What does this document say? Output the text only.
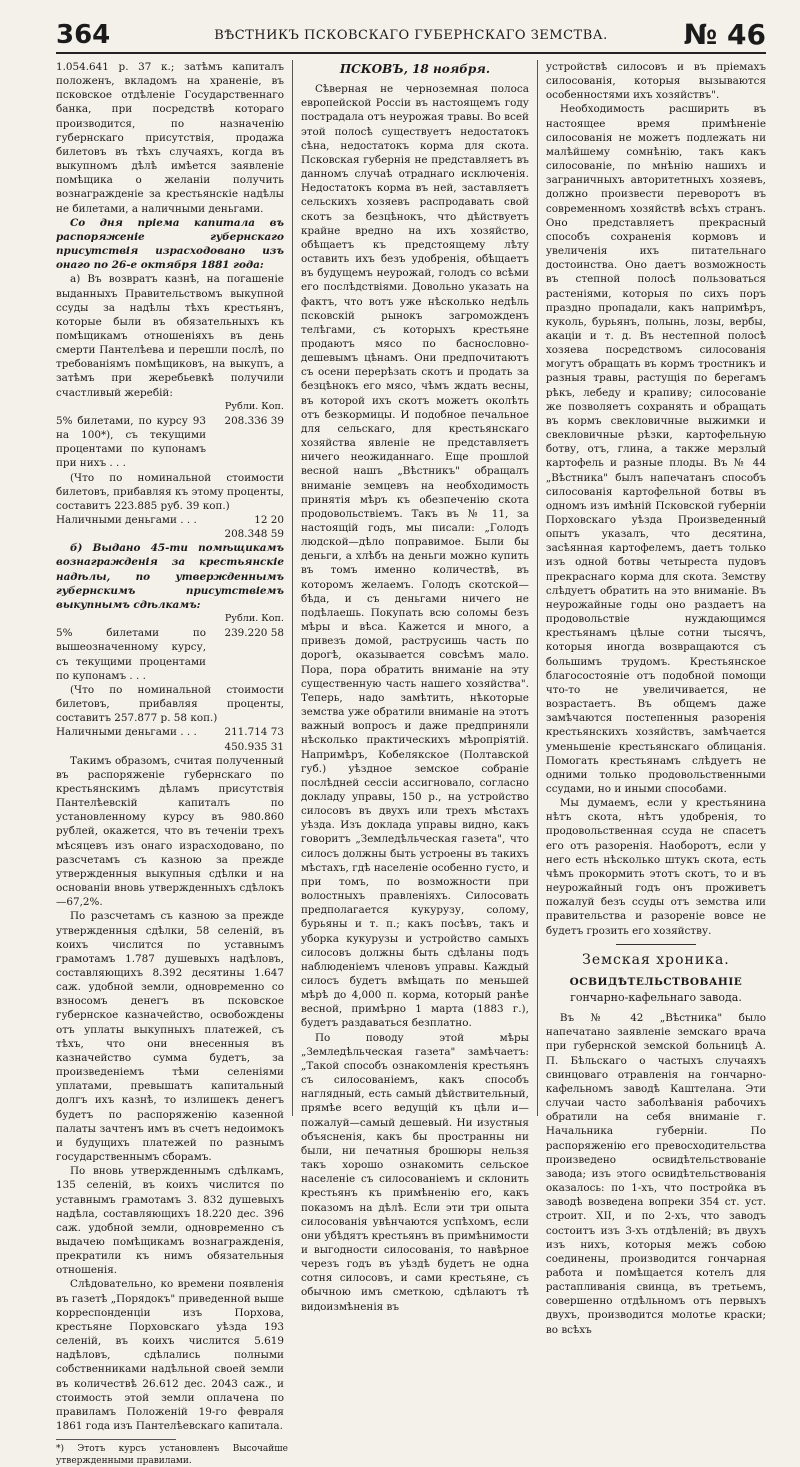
364	ВѢСТНИКЪ ПСКОВСКАГО ГУБЕРНСКАГО ЗЕМСТВА.	№ 46

1.054.641 р. 37 к.; затѣмъ капиталъ положенъ, вкладомъ на храненіе, въ псковское отдѣленіе Государственнаго банка, при посредствѣ котораго производится, по назначенію губернскаго присутствія, продажа билетовъ въ тѣхъ случаяхъ, когда въ выкупномъ дѣлѣ имѣется заявленіе помѣщика о желаніи получить вознагражденіе за крестьянскіе надѣлы не билетами, а наличными деньгами.

Со дня пріема капитала въ распоряженіе губернскаго присутствія израсходовано изъ онаго по 26-е октября 1881 года:

а) Въ возвратъ казнѣ, на погашеніе выданныхъ Правительствомъ выкупной ссуды за надѣлы тѣхъ крестьянъ, которые были въ обязательныхъ къ помѣщикамъ отношеніяхъ въ день смерти Пантелѣева и перешли послѣ, по требованіямъ помѣщиковъ, на выкупъ, а затѣмъ при жеребьевкѣ получили счастливый жеребій:

Рубли. Коп.
5% билетами, по курсу 93 на 100*), съ текущими процентами по купонамъ при нихъ . . .
208.336 39

(Что по номинальной стоимости билетовъ, прибавляя къ этому проценты, составитъ 223.885 руб. 39 коп.)

Наличными деньгами . . .	12 20
208.348 59

б) Выдано 45-ти помѣщикамъ вознагражденія за крестьянскіе надѣлы, по утвержденнымъ губернскимъ присутствіемъ выкупнымъ сдѣлкамъ:

Рубли. Коп.
5% билетами по вышеозначенному курсу, съ текущими процентами по купонамъ . . .
239.220 58

(Что по номинальной стоимости билетовъ, прибавляя проценты, составитъ 257.877 р. 58 коп.)

Наличными деньгами . . .	211.714 73
450.935 31

Такимъ образомъ, считая полученный въ распоряженіе губернскаго по крестьянскимъ дѣламъ присутствія Пантелѣевскій капиталъ по установленному курсу въ 980.860 рублей, окажется, что въ теченіи трехъ мѣсяцевъ изъ онаго израсходовано, по разсчетамъ съ казною за прежде утвержденныя выкупныя сдѣлки и на основаніи вновь утвержденныхъ сдѣлокъ—67,2%.

По разсчетамъ съ казною за прежде утвержденныя сдѣлки, 58 селеній, въ коихъ числится по уставнымъ грамотамъ 1.787 душевыхъ надѣловъ, составляющихъ 8.392 десятины 1.647 саж. удобной земли, одновременно со взносомъ денегъ въ псковское губернское казначейство, освобождены отъ уплаты выкупныхъ платежей, съ тѣхъ, что они внесенныя въ казначейство сумма будетъ, за произведеніемъ тѣми селеніями уплатами, превышатъ капитальный долгъ ихъ казнѣ, то излишекъ денегъ будетъ по распоряженію казенной палаты зачтенъ имъ въ счетъ недоимокъ и будущихъ платежей по разнымъ государственнымъ сборамъ.

По вновь утвержденнымъ сдѣлкамъ, 135 селеній, въ коихъ числится по уставнымъ грамотамъ 3. 832 душевыхъ надѣла, составляющихъ 18.220 дес. 396 саж. удобной земли, одновременно съ выдачею помѣщикамъ вознагражденія, прекратили къ нимъ обязательныя отношенія.

Слѣдовательно, ко времени появленія въ газетѣ „Порядокъ" приведенной выше корреспонденціи изъ Порхова, крестьяне Порховскаго уѣзда 193 селеній, въ коихъ числится 5.619 надѣловъ, сдѣлались полными собственниками надѣльной своей земли въ количествѣ 26.612 дес. 2043 саж., и стоимость этой земли оплачена по правиламъ Положеній 19-го февраля 1861 года изъ Пантелѣевскаго капитала.

*) Этотъ курсъ установленъ Высочайше утвержденными правилами.

ПСКОВЪ, 18 ноября.

Сѣверная не черноземная полоса европейской Россіи въ настоящемъ году пострадала отъ неурожая травы. Во всей этой полосѣ существуетъ недостатокъ сѣна, недостатокъ корма для скота. Псковская губернія не представляетъ въ данномъ случаѣ отраднаго исключенія. Недостатокъ корма въ ней, заставляетъ сельскихъ хозяевъ распродавать свой скотъ за безцѣнокъ, что дѣйствуетъ крайне вредно на ихъ хозяйство, обѣщаетъ къ предстоящему лѣту оставить ихъ безъ удобренія, обѣщаетъ въ будущемъ неурожай, голодъ со всѣми его послѣдствіями. Довольно указать на фактъ, что вотъ уже нѣсколько недѣль псковскій рынокъ загроможденъ телѣгами, съ которыхъ крестьяне продаютъ мясо по баснословно-дешевымъ цѣнамъ. Они предпочитаютъ съ осени перерѣзать скотъ и продать за безцѣнокъ его мясо, чѣмъ ждать весны, въ которой ихъ скотъ можетъ околѣть отъ безкормицы. И подобное печальное для сельскаго, для крестьянскаго хозяйства явленіе не представляетъ ничего неожиданнаго. Еще прошлой весной нашъ „Вѣстникъ" обращалъ вниманіе земцевъ на необходимость принятія мѣръ къ обезпеченію скота продовольствіемъ. Такъ въ № 11, за настоящій годъ, мы писали: „Голодъ людской—дѣло поправимое. Были бы деньги, а хлѣбъ на деньги можно купить въ томъ именно количествѣ, въ которомъ желаемъ. Голодъ скотской—бѣда, и съ деньгами ничего не подѣлаешь. Покупать всю соломы безъ мѣры и вѣса. Кажется и много, а привезъ домой, раструсишь часть по дорогѣ, оказывается совсѣмъ мало. Пора, пора обратить вниманіе на эту существенную часть нашего хозяйства". Теперь, надо замѣтить, нѣкоторые земства уже обратили вниманіе на этотъ важный вопросъ и даже предприняли нѣсколько практическихъ мѣропріятій. Напримѣръ, Кобелякское (Полтавской губ.) уѣздное земское собраніе послѣдней сессіи ассигновало, согласно докладу управы, 150 р., на устройство силосовъ въ двухъ или трехъ мѣстахъ уѣзда. Изъ доклада управы видно, какъ говоритъ „Земледѣльческая газета", что силосъ должны быть устроены въ такихъ мѣстахъ, гдѣ населеніе особенно густо, и при томъ, по возможности при волостныхъ правленіяхъ. Силосовать предполагается кукурузу, солому, бурьяны и т. п.; какъ посѣвъ, такъ и уборка кукурузы и устройство самыхъ силосовъ должны быть сдѣланы подъ наблюденіемъ членовъ управы. Каждый силосъ будетъ вмѣщать по меньшей мѣрѣ до 4,000 п. корма, который ранѣе весной, примѣрно 1 марта (1883 г.), будетъ раздаваться безплатно.

По поводу этой мѣры „Земледѣльческая газета" замѣчаетъ: „Такой способъ ознакомленія крестьянъ съ силосованіемъ, какъ способъ наглядный, есть самый дѣйствительный, прямѣе всего ведущій къ цѣли и—пожалуй—самый дешевый. Ни изустныя объясненія, какъ бы пространны ни были, ни печатныя брошюры нельзя такъ хорошо ознакомить сельское населеніе съ силосованіемъ и склонить крестьянъ къ примѣненію его, какъ показомъ на дѣлѣ. Если эти три опыта силосованія увѣнчаются успѣхомъ, если они убѣдятъ крестьянъ въ примѣнимости и выгодности силосованія, то навѣрное черезъ годъ въ уѣздѣ будетъ не одна сотня силосовъ, и сами крестьяне, съ обычною имъ сметкою, сдѣлаютъ тѣ видоизмѣненія въ

устройствѣ силосовъ и въ пріемахъ силосованія, которыя вызываются особенностями ихъ хозяйствъ".

Необходимость расширить въ настоящее время примѣненіе силосованія не можетъ подлежать ни малѣйшему сомнѣнію, такъ какъ силосованіе, по мнѣнію нашихъ и заграничныхъ авторитетныхъ хозяевъ, должно произвести переворотъ въ современномъ хозяйствѣ всѣхъ странъ. Оно представляетъ прекрасный способъ сохраненія кормовъ и увеличенія ихъ питательнаго достоинства. Оно даетъ возможность въ степной полосѣ пользоваться растеніями, которыя по сихъ поръ праздно пропадали, какъ напримѣръ, куколь, бурьянъ, полынь, лозы, вербы, акаціи и т. д. Въ нестепной полосѣ хозяева посредствомъ силосованія могутъ обращать въ кормъ тростникъ и разныя травы, растущія по берегамъ рѣкъ, лебеду и крапиву; силосованіе же позволяетъ сохранять и обращать въ кормъ свекловичные выжимки и свекловичные рѣзки, картофельную ботву, отъ, глина, а также мерзлый картофель и разные плоды. Въ № 44 „Вѣстника" былъ напечатанъ способъ силосованія картофельной ботвы въ одномъ изъ имѣній Псковской губерніи Порховскаго уѣзда Произведенный опытъ указалъ, что десятина, засѣянная картофелемъ, даетъ только изъ одной ботвы четыреста пудовъ прекраснаго корма для скота. Земству слѣдуетъ обратить на это вниманіе. Въ неурожайные годы оно раздаетъ на продовольствіе нуждающимся крестьянамъ цѣлые сотни тысячъ, которыя иногда возвращаются съ большимъ трудомъ. Крестьянское благосостояніе отъ подобной помощи что-то не увеличивается, не возрастаетъ. Въ общемъ даже замѣчаются постепенныя разоренія крестьянскихъ хозяйствъ, замѣчается уменьшеніе крестьянскаго облицанія. Помогать крестьянамъ слѣдуетъ не одними только продовольственными ссудами, но и иными способами.

Мы думаемъ, если у крестьянина нѣтъ скота, нѣтъ удобренія, то продовольственная ссуда не спасетъ его отъ разоренія. Наоборотъ, если у него есть нѣсколько штукъ скота, есть чѣмъ прокормить этотъ скотъ, то и въ неурожайный годъ онъ проживетъ пожалуй безъ ссуды отъ земства или правительства и разореніе вовсе не будетъ грозить его хозяйству.

Земская хроника.

ОСВИДѢТЕЛЬСТВОВАНІЕ

гончарно-кафельнаго завода.

Въ № 42 „Вѣстника" было напечатано заявленіе земскаго врача при губернской земской больницѣ А. П. Бѣльскаго о частыхъ случаяхъ свинцоваго отравленія на гончарно-кафельномъ заводѣ Каштелана. Эти случаи часто заболѣванія рабочихъ обратили на себя вниманіе г. Начальника губерніи. По распоряженію его превосходительства произведено освидѣтельствованіе завода; изъ этого освидѣтельствованія оказалось: по 1-хъ, что постройка въ заводѣ возведена вопреки 354 ст. уст. строит. XII, и по 2-хъ, что заводъ состоитъ изъ 3-хъ отдѣленій; въ двухъ изъ нихъ, которыя межъ собою соединены, производится гончарная работа и помѣщается котелъ для растапливанія свинца, въ третьемъ, совершенно отдѣльномъ отъ первыхъ двухъ, производится молотье краски; во всѣхъ
